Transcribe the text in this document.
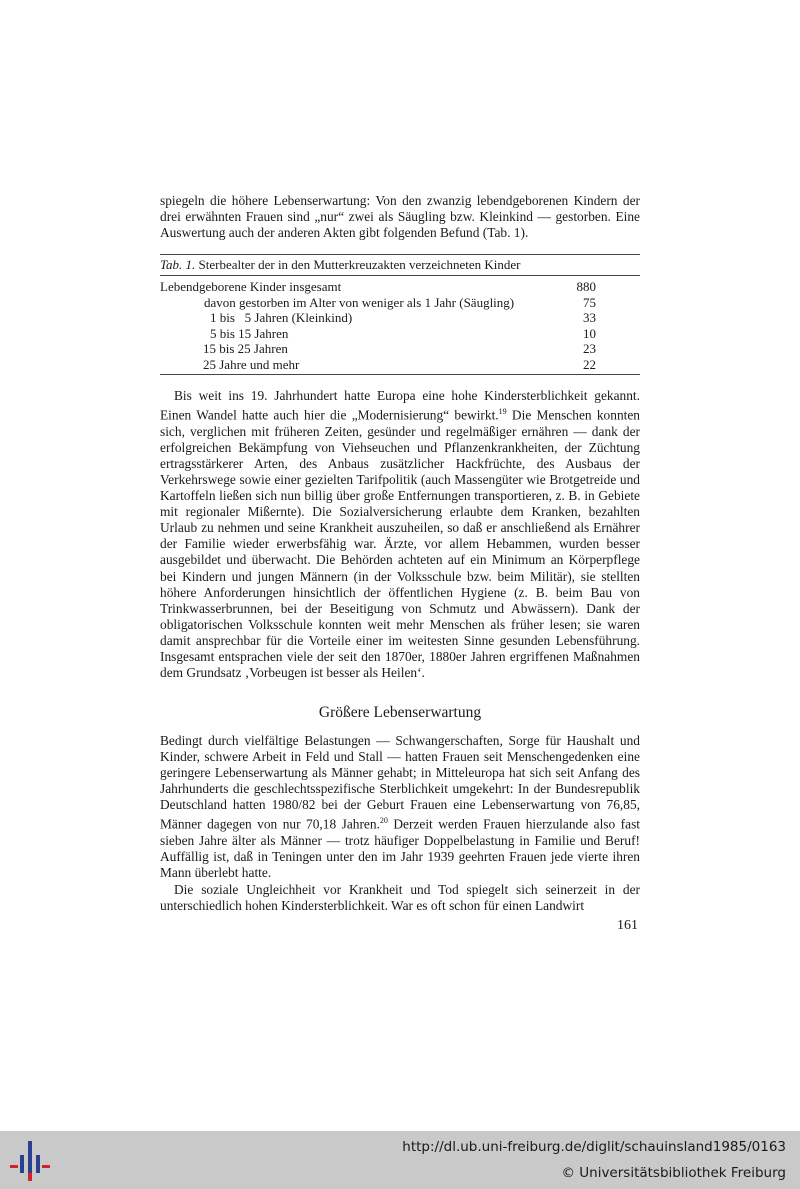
spiegeln die höhere Lebenserwartung: Von den zwanzig lebendgeborenen Kindern der drei erwähnten Frauen sind „nur“ zwei als Säugling bzw. Kleinkind — gestorben. Eine Auswertung auch der anderen Akten gibt folgenden Befund (Tab. 1).

Tab. 1. Sterbealter der in den Mutterkreuzakten verzeichneten Kinder
Lebendgeborene Kinder insgesamt	880
davon gestorben im Alter von weniger als 1 Jahr (Säugling)	75
1 bis   5 Jahren (Kleinkind)	33
5 bis 15 Jahren	10
15 bis 25 Jahren	23
25 Jahre und mehr	22

Bis weit ins 19. Jahrhundert hatte Europa eine hohe Kindersterblichkeit gekannt. Einen Wandel hatte auch hier die „Modernisierung“ bewirkt.$^{19}$ Die Menschen konnten sich, verglichen mit früheren Zeiten, gesünder und regelmäßiger ernähren — dank der erfolgreichen Bekämpfung von Viehseuchen und Pflanzenkrankheiten, der Züchtung ertragsstärkerer Arten, des Anbaus zusätzlicher Hackfrüchte, des Ausbaus der Verkehrswege sowie einer gezielten Tarifpolitik (auch Massengüter wie Brotgetreide und Kartoffeln ließen sich nun billig über große Entfernungen transportieren, z. B. in Gebiete mit regionaler Mißernte). Die Sozialversicherung erlaubte dem Kranken, bezahlten Urlaub zu nehmen und seine Krankheit auszuheilen, so daß er anschließend als Ernährer der Familie wieder erwerbsfähig war. Ärzte, vor allem Hebammen, wurden besser ausgebildet und überwacht. Die Behörden achteten auf ein Minimum an Körperpflege bei Kindern und jungen Männern (in der Volksschule bzw. beim Militär), sie stellten höhere Anforderungen hinsichtlich der öffentlichen Hygiene (z. B. beim Bau von Trinkwasserbrunnen, bei der Beseitigung von Schmutz und Abwässern). Dank der obligatorischen Volksschule konnten weit mehr Menschen als früher lesen; sie waren damit ansprechbar für die Vorteile einer im weitesten Sinne gesunden Lebensführung. Insgesamt entsprachen viele der seit den 1870er, 1880er Jahren ergriffenen Maßnahmen dem Grundsatz ‚Vorbeugen ist besser als Heilen‘.

Größere Lebenserwartung

Bedingt durch vielfältige Belastungen — Schwangerschaften, Sorge für Haushalt und Kinder, schwere Arbeit in Feld und Stall — hatten Frauen seit Menschengedenken eine geringere Lebenserwartung als Männer gehabt; in Mitteleuropa hat sich seit Anfang des Jahrhunderts die geschlechtsspezifische Sterblichkeit umgekehrt: In der Bundesrepublik Deutschland hatten 1980/82 bei der Geburt Frauen eine Lebenserwartung von 76,85, Männer dagegen von nur 70,18 Jahren.$^{20}$ Derzeit werden Frauen hierzulande also fast sieben Jahre älter als Männer — trotz häufiger Doppelbelastung in Familie und Beruf! Auffällig ist, daß in Teningen unter den im Jahr 1939 geehrten Frauen jede vierte ihren Mann überlebt hatte.

Die soziale Ungleichheit vor Krankheit und Tod spiegelt sich seinerzeit in der unterschiedlich hohen Kindersterblichkeit. War es oft schon für einen Landwirt

161
http://dl.ub.uni-freiburg.de/diglit/schauinsland1985/0163
© Universitätsbibliothek Freiburg
